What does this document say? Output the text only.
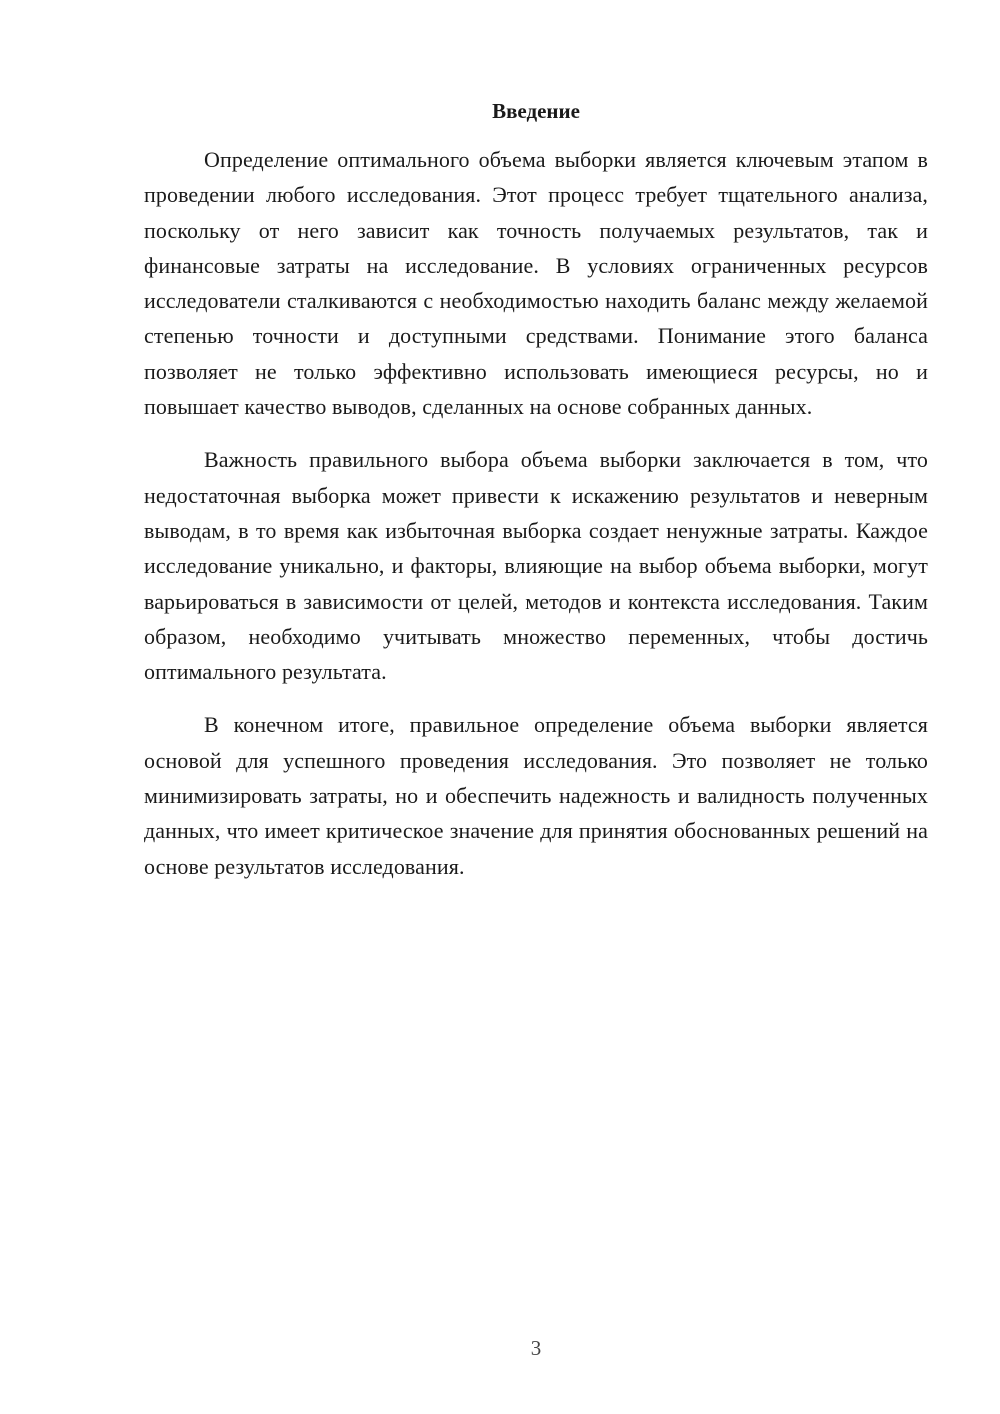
Введение

Определение оптимального объема выборки является ключевым этапом в проведении любого исследования. Этот процесс требует тщательного анализа, поскольку от него зависит как точность получаемых результатов, так и финансовые затраты на исследование. В условиях ограниченных ресурсов исследователи сталкиваются с необходимостью находить баланс между желаемой степенью точности и доступными средствами. Понимание этого баланса позволяет не только эффективно использовать имеющиеся ресурсы, но и повышает качество выводов, сделанных на основе собранных данных.

Важность правильного выбора объема выборки заключается в том, что недостаточная выборка может привести к искажению результатов и неверным выводам, в то время как избыточная выборка создает ненужные затраты. Каждое исследование уникально, и факторы, влияющие на выбор объема выборки, могут варьироваться в зависимости от целей, методов и контекста исследования. Таким образом, необходимо учитывать множество переменных, чтобы достичь оптимального результата.

В конечном итоге, правильное определение объема выборки является основой для успешного проведения исследования. Это позволяет не только минимизировать затраты, но и обеспечить надежность и валидность полученных данных, что имеет критическое значение для принятия обоснованных решений на основе результатов исследования.

3
